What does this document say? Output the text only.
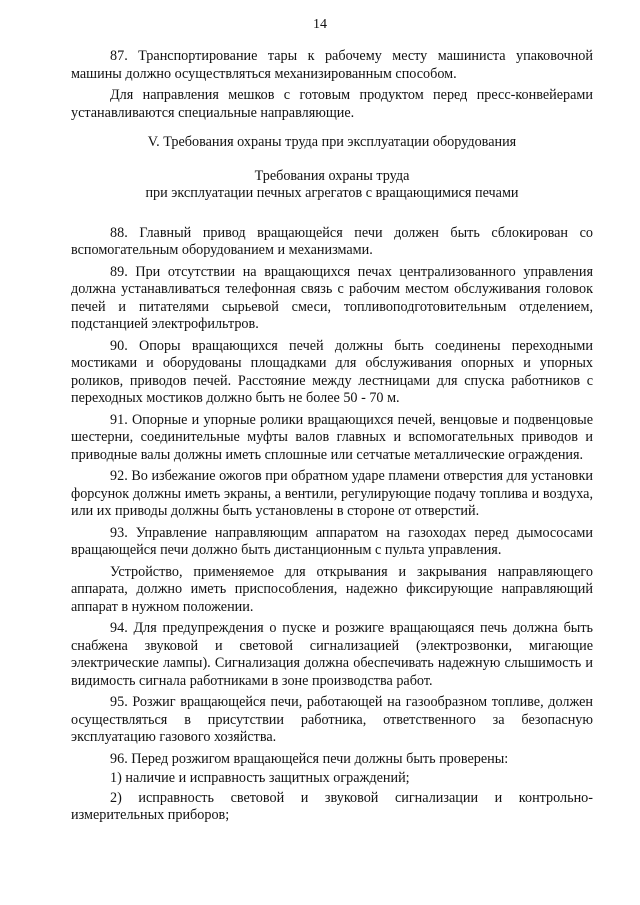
14

87. Транспортирование тары к рабочему месту машиниста упаковочной машины должно осуществляться механизированным способом.

Для направления мешков с готовым продуктом перед пресс-конвейерами устанавливаются специальные направляющие.

V. Требования охраны труда при эксплуатации оборудования
Требования охраны труда
при эксплуатации печных агрегатов с вращающимися печами

88. Главный привод вращающейся печи должен быть сблокирован со вспомогательным оборудованием и механизмами.

89. При отсутствии на вращающихся печах централизованного управления должна устанавливаться телефонная связь с рабочим местом обслуживания головок печей и питателями сырьевой смеси, топливоподготовительным отделением, подстанцией электрофильтров.

90. Опоры вращающихся печей должны быть соединены переходными мостиками и оборудованы площадками для обслуживания опорных и упорных роликов, приводов печей. Расстояние между лестницами для спуска работников с переходных мостиков должно быть не более 50 - 70 м.

91. Опорные и упорные ролики вращающихся печей, венцовые и подвенцовые шестерни, соединительные муфты валов главных и вспомогательных приводов и приводные валы должны иметь сплошные или сетчатые металлические ограждения.

92. Во избежание ожогов при обратном ударе пламени отверстия для установки форсунок должны иметь экраны, а вентили, регулирующие подачу топлива и воздуха, или их приводы должны быть установлены в стороне от отверстий.

93. Управление направляющим аппаратом на газоходах перед дымососами вращающейся печи должно быть дистанционным с пульта управления.

Устройство, применяемое для открывания и закрывания направляющего аппарата, должно иметь приспособления, надежно фиксирующие направляющий аппарат в нужном положении.

94. Для предупреждения о пуске и розжиге вращающаяся печь должна быть снабжена звуковой и световой сигнализацией (электрозвонки, мигающие электрические лампы). Сигнализация должна обеспечивать надежную слышимость и видимость сигнала работниками в зоне производства работ.

95. Розжиг вращающейся печи, работающей на газообразном топливе, должен осуществляться в присутствии работника, ответственного за безопасную эксплуатацию газового хозяйства.

96. Перед розжигом вращающейся печи должны быть проверены:

1) наличие и исправность защитных ограждений;

2) исправность световой и звуковой сигнализации и контрольно-измерительных приборов;
